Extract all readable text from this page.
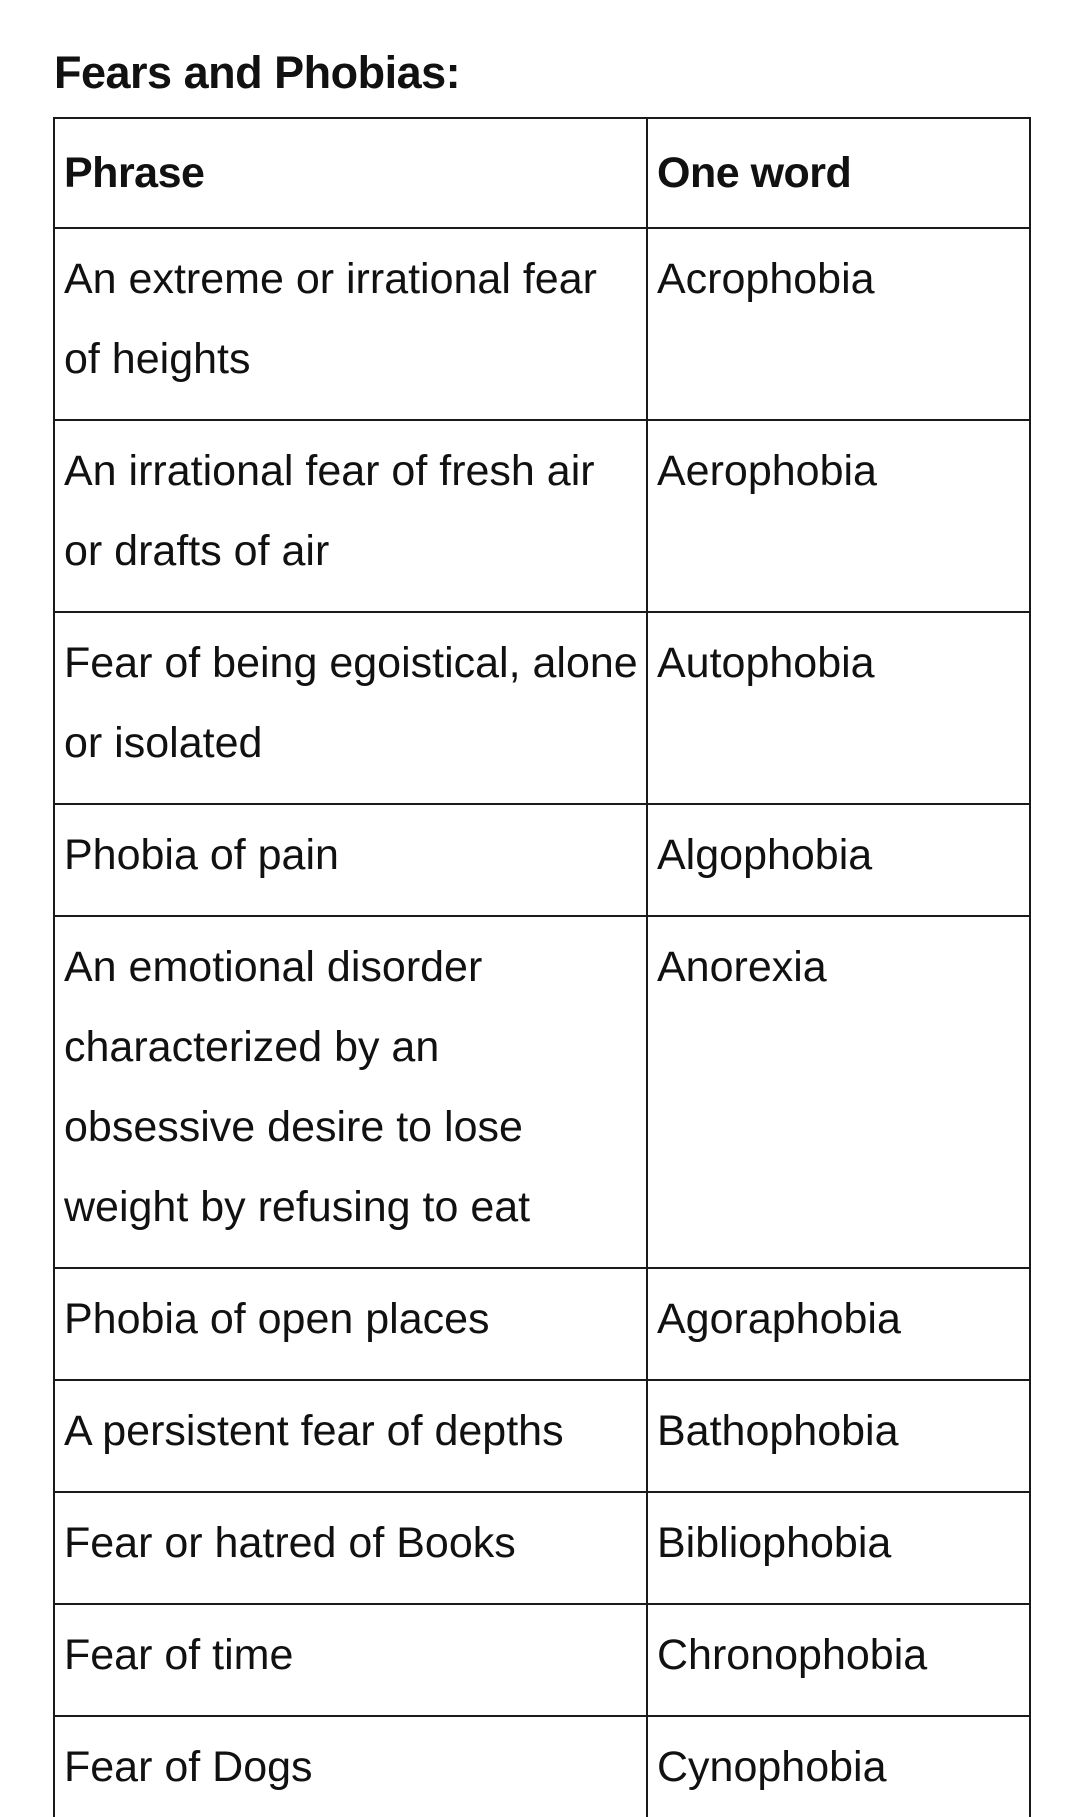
Fears and Phobias:
Phrase	One word
An extreme or irrational fear of heights	Acrophobia
An irrational fear of fresh air or drafts of air	Aerophobia
Fear of being egoistical, alone or isolated	Autophobia
Phobia of pain	Algophobia
An emotional disorder characterized by an obsessive desire to lose weight by refusing to eat	Anorexia
Phobia of open places	Agoraphobia
A persistent fear of depths	Bathophobia
Fear or hatred of Books	Bibliophobia
Fear of time	Chronophobia
Fear of Dogs	Cynophobia
